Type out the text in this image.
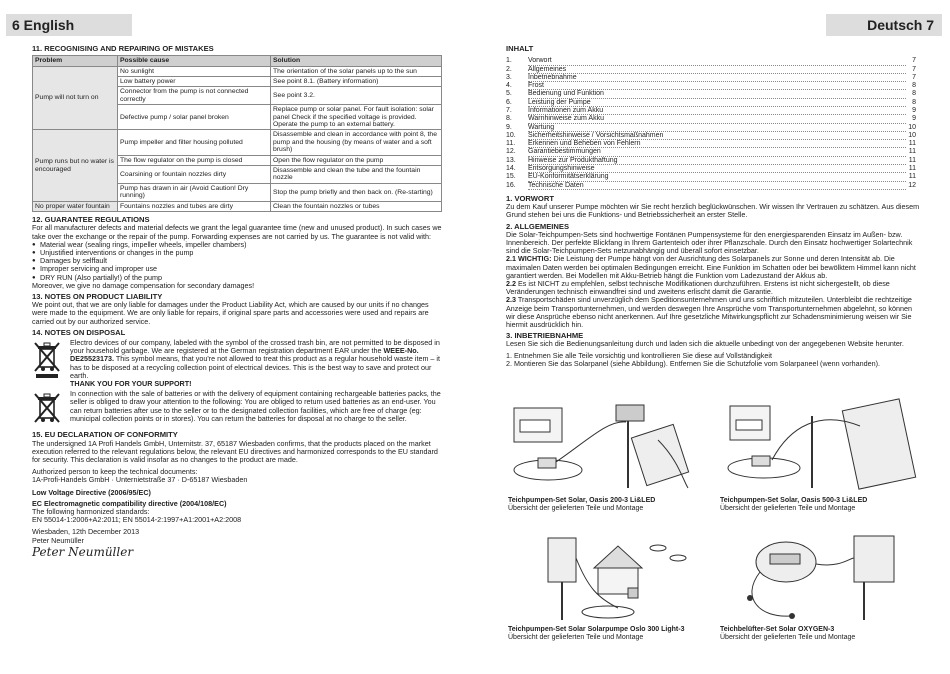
6 English	Deutsch 7
11. RECOGNISING AND REPAIRING OF MISTAKES
Problem	Possible cause	Solution
Pump will not turn on	No sunlight	The orientation of the solar panels up to the sun
	Low battery power	See point 8.1. (Battery information)
	Connector from the pump is not connected correctly	See point 3.2.
	Defective pump / solar panel broken	Replace pump or solar panel. For fault isolation: solar panel Check if the specified voltage is provided. Operate the pump to an external battery.
Pump runs but no water is encouraged	Pump impeller and filter housing polluted	Disassemble and clean in accordance with point 8, the pump and the housing (by means of water and a soft brush)
	The flow regulator on the pump is closed	Open the flow regulator on the pump
	Coarsining or fountain nozzles dirty	Disassemble and clean the tube and the fountain nozzle
	Pump has drawn in air (Avoid Caution! Dry running)	Stop the pump briefly and then back on. (Re-starting)
No proper water fountain	Fountains nozzles and tubes are dirty	Clean the fountain nozzles or tubes
12. GUARANTEE REGULATIONS

For all manufacturer defects and material defects we grant the legal guarantee time (new and unused product). In such cases we take over the exchange or the repair of the pump. Forwarding expenses are not carried by us. The guarantee is not valid with:

● Material wear (sealing rings, impeller wheels, impeller chambers)
● Unjustified interventions or changes in the pump
● Damages by selffault
● Improper servicing and improper use
● DRY RUN (Also partially!) of the pump

Moreover, we give no damage compensation for secondary damages!

13. NOTES ON PRODUCT LIABILITY

We point out, that we are only liable for damages under the Product Liability Act, which are caused by our units if no changes were made to the equipment. We are only liable for repairs, if original spare parts and accessories were used and repairs are carried out by our authorized service.

14. NOTES ON DISPOSAL
Electro devices of our company, labeled with the symbol of the crossed trash bin, are not permitted to be disposed in your household garbage. We are registered at the German registration department EAR under the WEEE-No. DE25523173. This symbol means, that you're not allowed to treat this product as a regular household waste item – it has to be disposed at a recycling collection point of electrical devices. This is the best way to save and protect our earth.
THANK YOU FOR YOUR SUPPORT!

In connection with the sale of batteries or with the delivery of equipment containing rechargeable batteries packs, the seller is obliged to draw your attention to the following: You are obliged to return used batteries as an end-user. You can return batteries after use to the seller or to the designated collection facilities, which are free of charge (eg: municipal collection points or in stores). You can return the batteries for disposal at no charge to the seller.

15. EU DECLARATION OF CONFORMITY

The undersigned 1A Profi Handels GmbH, Unternitstr. 37, 65187 Wiesbaden confirms, that the products placed on the market execution referred to the relevant regulations below, the relevant EU directives and harmonized corresponds to the EU standard for security. This declaration is valid insofar as no changes to the product are made.

Authorized person to keep the technical documents:

1A-Profi-Handels GmbH · Unternietstraße 37 · D-65187 Wiesbaden

Low Voltage Directive (2006/95/EC)

EC Electromagnetic compatibility directive (2004/108/EC)

The following harmonized standards:

EN 55014-1:2006+A2:2011; EN 55014-2:1997+A1:2001+A2:2008

Wiesbaden, 12th December 2013

Peter Neumüller

Peter Neumüller
INHALT
1.	Vorwort	7
2.	Allgemeines	7
3.	Inbetriebnahme	7
4.	Frost	8
5.	Bedienung und Funktion	8
6.	Leistung der Pumpe	8
7.	Informationen zum Akku	9
8.	Warnhinweise zum Akku	9
9.	Wartung	10
10.	Sicherheitshinweise / Vorsichtsmaßnahmen	10
11.	Erkennen und Beheben von Fehlern	11
12.	Garantiebestimmungen	11
13.	Hinweise zur Produkthaftung	11
14.	Entsorgungshinweise	11
15.	EU-Konformitätserklärung	11
16.	Technische Daten	12
1. VORWORT

Zu dem Kauf unserer Pumpe möchten wir Sie recht herzlich beglückwünschen. Wir wissen Ihr Vertrauen zu schätzen. Aus diesem Grund stehen bei uns die Funktions- und Betriebssicherheit an erster Stelle.

2. ALLGEMEINES

Die Solar-Teichpumpen-Sets sind hochwertige Fontänen Pumpensysteme für den energiesparenden Einsatz im Außen- bzw. Innenbereich. Der perfekte Blickfang in Ihrem Gartenteich oder ihrer Pflanzschale. Durch den Einsatz hochwertiger Solartechnik sind die Solar-Teichpumpen-Sets netzunabhängig und überall sofort einsetzbar.

2.1 WICHTIG: Die Leistung der Pumpe hängt von der Ausrichtung des Solarpanels zur Sonne und deren Intensität ab. Die maximalen Daten werden bei optimalen Bedingungen erreicht. Eine Funktion im Schatten oder bei bewölktem Himmel kann nicht garantiert werden. Bei Modellen mit Akku-Betrieb hängt die Funktion vom Ladezustand der Akkus ab.

2.2 Es ist NICHT zu empfehlen, selbst technische Modifikationen durchzuführen. Erstens ist nicht sichergestellt, ob diese Veränderungen technisch einwandfrei sind und zweitens erlischt damit die Garantie.

2.3 Transportschäden sind unverzüglich dem Speditionsunternehmen und uns schriftlich mitzuteilen. Unterbleibt die rechtzeitige Anzeige beim Transportunternehmen, und werden deswegen Ihre Ansprüche vom Transportunternehmen abgelehnt, so können wir diese Ansprüche ebenso nicht anerkennen. Auf Ihre gesetzliche Mitwirkungspflicht zur Schadensminimierung weisen wir Sie hiermit ausdrücklich hin.

3. INBETRIEBNAHME

Lesen Sie sich die Bedienungsanleitung durch und laden sich die aktuelle unbedingt von der angegebenen Website herunter.

1. Entnehmen Sie alle Teile vorsichtig und kontrollieren Sie diese auf Vollständigkeit

2. Montieren Sie das Solarpanel (siehe Abbildung). Entfernen Sie die Schutzfolie vom Solarpaneel (wenn vorhanden).

Teichpumpen-Set Solar, Oasis 200-3 Li&LED
Übersicht der gelieferten Teile und Montage
Teichpumpen-Set Solar, Oasis 500-3 Li&LED
Übersicht der gelieferten Teile und Montage
Teichpumpen-Set Solar Solarpumpe Oslo 300 Light-3
Übersicht der gelieferten Teile und Montage
Teichbelüfter-Set Solar OXYGEN-3
Übersicht der gelieferten Teile und Montage
